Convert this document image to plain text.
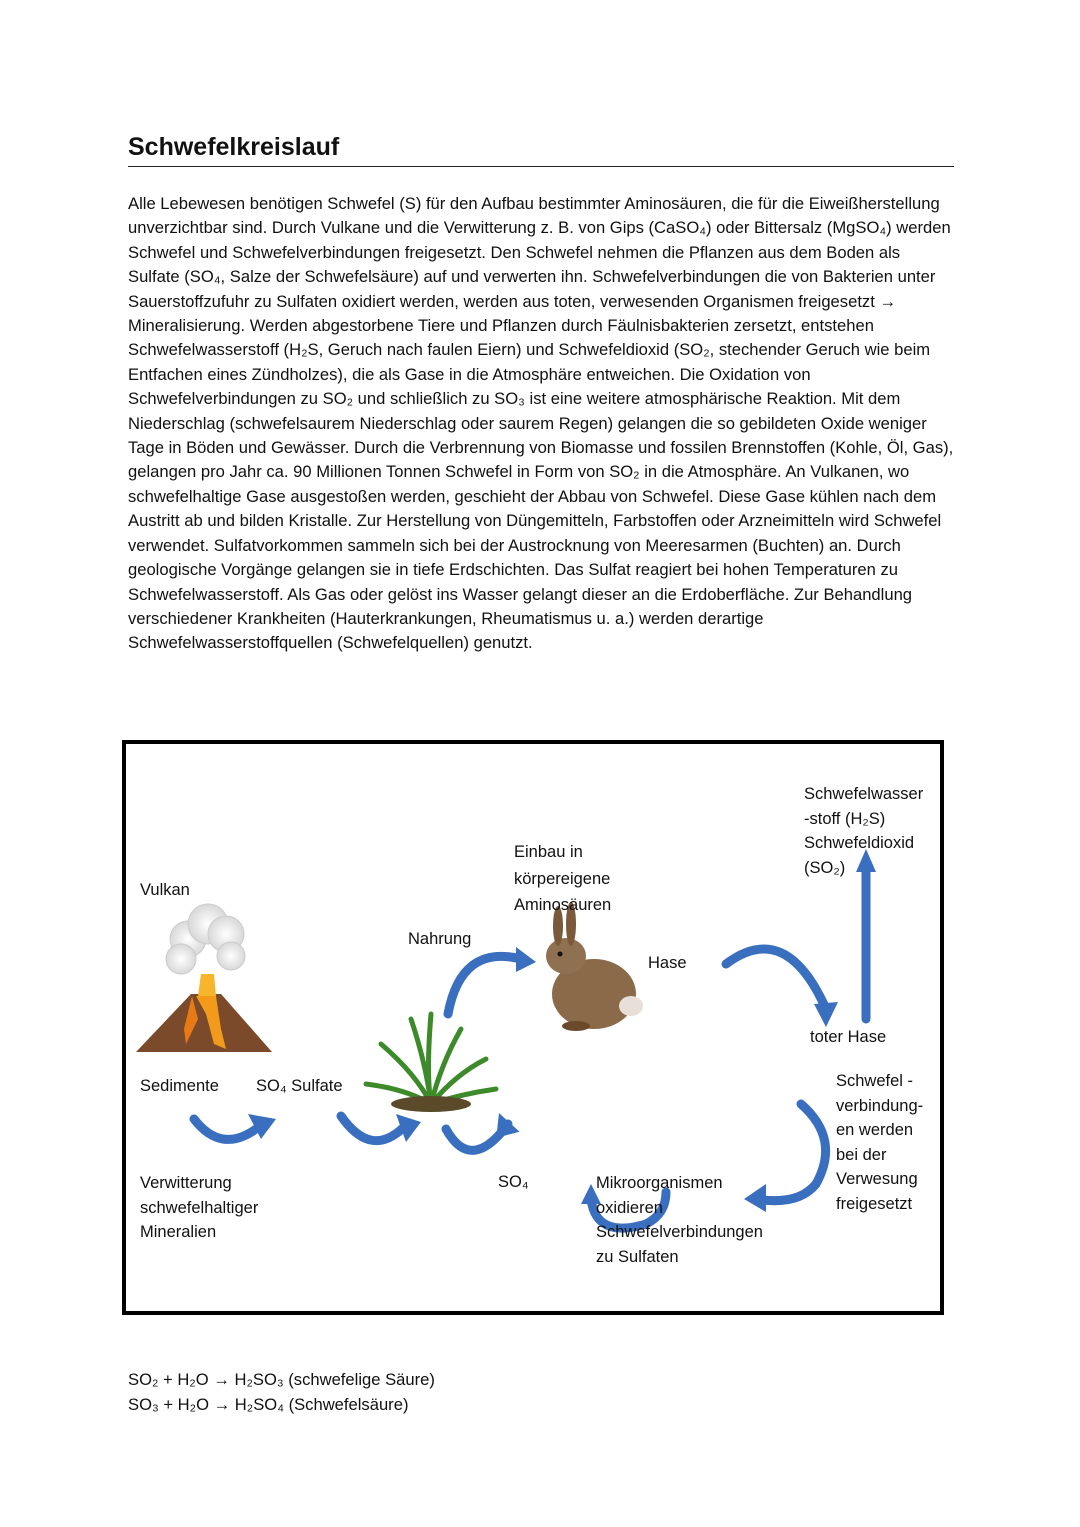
Schwefelkreislauf

Alle Lebewesen benötigen Schwefel (S) für den Aufbau bestimmter Aminosäuren, die für die Eiweißherstellung unverzichtbar sind. Durch Vulkane und die Verwitterung z. B. von Gips (CaSO₄) oder Bittersalz (MgSO₄) werden Schwefel und Schwefelverbindungen freigesetzt. Den Schwefel nehmen die Pflanzen aus dem Boden als Sulfate (SO₄, Salze der Schwefelsäure) auf und verwerten ihn. Schwefelverbindungen die von Bakterien unter Sauerstoffzufuhr zu Sulfaten oxidiert werden, werden aus toten, verwesenden Organismen freigesetzt → Mineralisierung. Werden abgestorbene Tiere und Pflanzen durch Fäulnisbakterien zersetzt, entstehen Schwefelwasserstoff (H₂S, Geruch nach faulen Eiern) und Schwefeldioxid (SO₂, stechender Geruch wie beim Entfachen eines Zündholzes), die als Gase in die Atmosphäre entweichen. Die Oxidation von Schwefelverbindungen zu SO₂ und schließlich zu SO₃ ist eine weitere atmosphärische Reaktion. Mit dem Niederschlag (schwefelsaurem Niederschlag oder saurem Regen) gelangen die so gebildeten Oxide weniger Tage in Böden und Gewässer. Durch die Verbrennung von Biomasse und fossilen Brennstoffen (Kohle, Öl, Gas), gelangen pro Jahr ca. 90 Millionen Tonnen Schwefel in Form von SO₂ in die Atmosphäre. An Vulkanen, wo schwefelhaltige Gase ausgestoßen werden, geschieht der Abbau von Schwefel. Diese Gase kühlen nach dem Austritt ab und bilden Kristalle. Zur Herstellung von Düngemitteln, Farbstoffen oder Arzneimitteln wird Schwefel verwendet. Sulfatvorkommen sammeln sich bei der Austrocknung von Meeresarmen (Buchten) an. Durch geologische Vorgänge gelangen sie in tiefe Erdschichten. Das Sulfat reagiert bei hohen Temperaturen zu Schwefelwasserstoff. Als Gas oder gelöst ins Wasser gelangt dieser an die Erdoberfläche. Zur Behandlung verschiedener Krankheiten (Hauterkrankungen, Rheumatismus u. a.) werden derartige Schwefelwasserstoffquellen (Schwefelquellen) genutzt.

Vulkan
Sedimente SO₄ Sulfate
Verwitterung
schwefelhaltiger
Mineralien
Nahrung
Einbau in
körpereigene
Aminosäuren
Hase
Schwefelwasser
-stoff (H₂S)
Schwefeldioxid
(SO₂)
toter Hase
Schwefel -
verbindung-
en werden
bei der
Verwesung
freigesetzt
SO₄	Mikroorganismen
oxidieren
Schwefelverbindungen
zu Sulfaten
SO₂ + H₂O → H₂SO₃ (schwefelige Säure)
SO₃ + H₂O → H₂SO₄ (Schwefelsäure)
